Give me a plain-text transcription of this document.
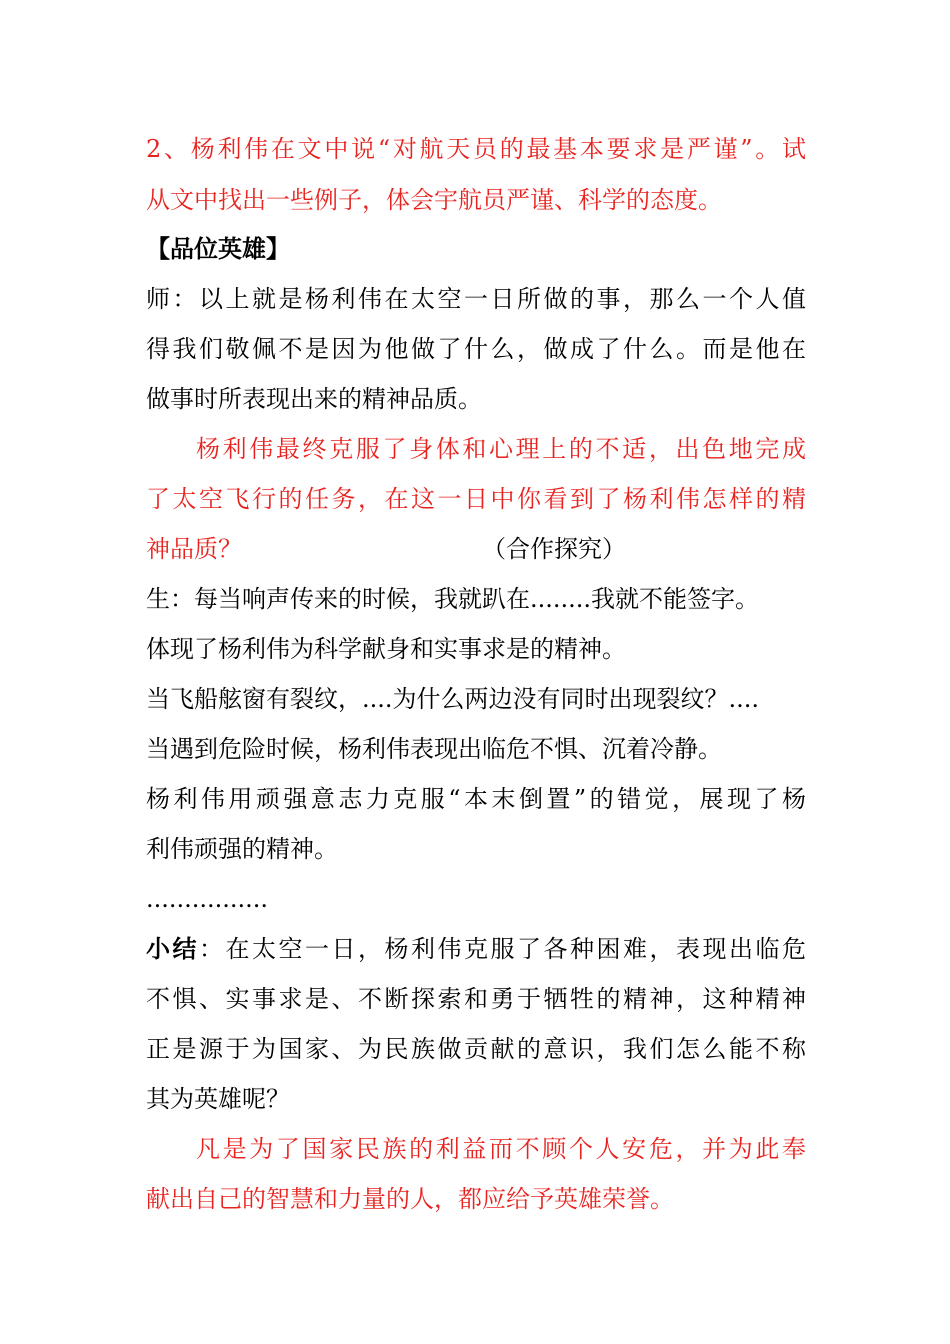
2、杨利伟在文中说“对航天员的最基本要求是严谨”。试
从文中找出一些例子，体会宇航员严谨、科学的态度。
【品位英雄】
师：以上就是杨利伟在太空一日所做的事，那么一个人值
得我们敬佩不是因为他做了什么，做成了什么。而是他在
做事时所表现出来的精神品质。
杨利伟最终克服了身体和心理上的不适，出色地完成
了太空飞行的任务，在这一日中你看到了杨利伟怎样的精
神品质？	（合作探究）
生：每当响声传来的时候，我就趴在........我就不能签字。
体现了杨利伟为科学献身和实事求是的精神。
当飞船舷窗有裂纹，....为什么两边没有同时出现裂纹？....
当遇到危险时候，杨利伟表现出临危不惧、沉着冷静。
杨利伟用顽强意志力克服“本末倒置”的错觉，展现了杨
利伟顽强的精神。
................
小结：在太空一日，杨利伟克服了各种困难，表现出临危
不惧、实事求是、不断探索和勇于牺牲的精神，这种精神
正是源于为国家、为民族做贡献的意识，我们怎么能不称
其为英雄呢？
凡是为了国家民族的利益而不顾个人安危，并为此奉
献出自己的智慧和力量的人，都应给予英雄荣誉。
